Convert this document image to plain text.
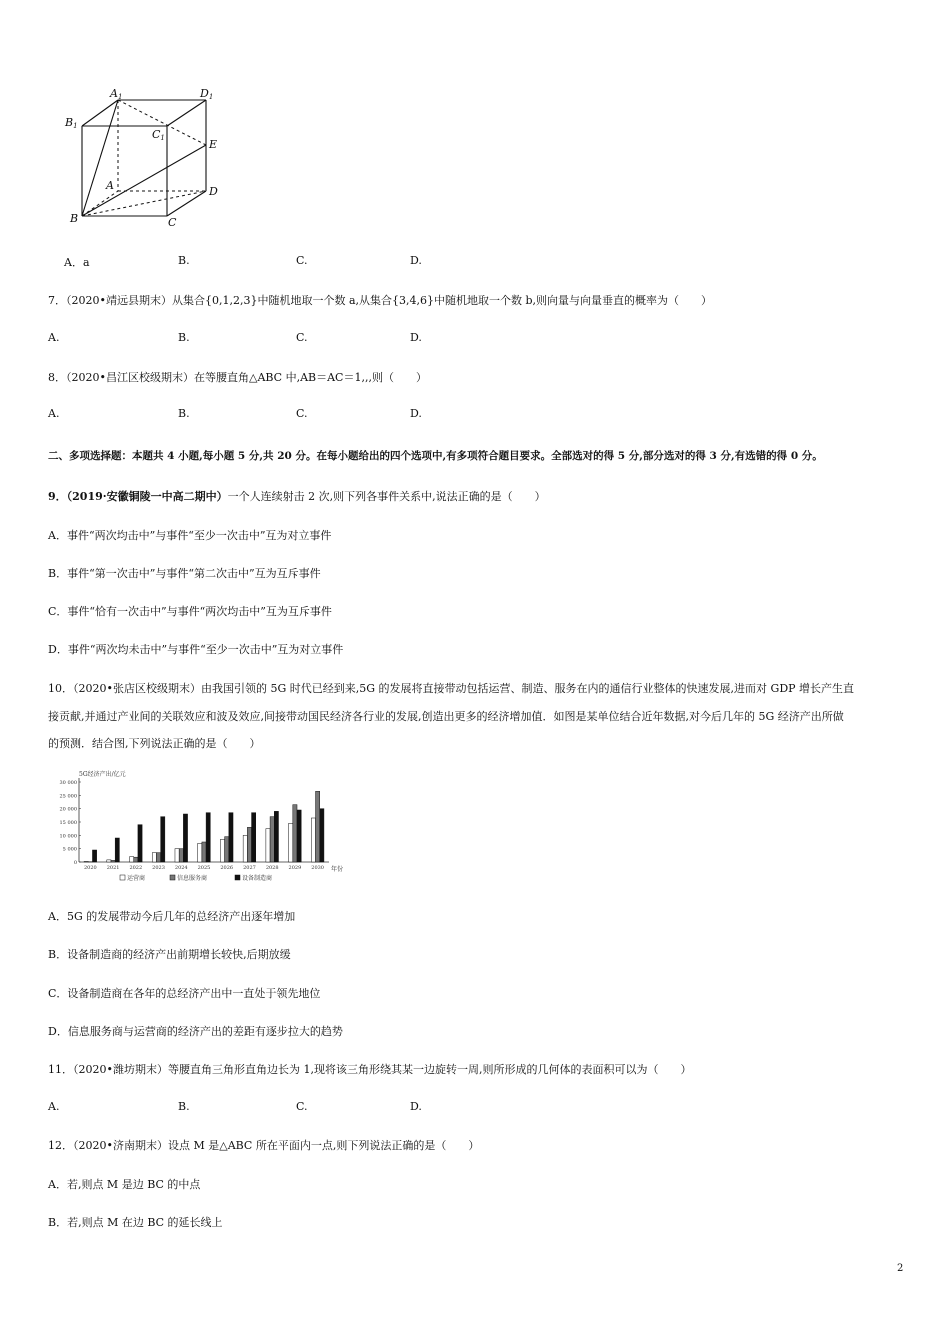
A1	D1
B1
C1	E
A	D
B	C
A．a	B.	C.	D.
7．（2020•靖远县期末）从集合{0,1,2,3}中随机地取一个数 a,从集合{3,4,6}中随机地取一个数 b,则向量与向量垂直的概率为（　　）
A.	B.	C.	D.
8．（2020•昌江区校级期末）在等腰直角△ABC 中,AB＝AC＝1,,,则（　　）
A.	B.	C.	D.
二、多项选择题：本题共 4 小题,每小题 5 分,共 20 分。在每小题给出的四个选项中,有多项符合题目要求。全部选对的得 5 分,部分选对的得 3 分,有选错的得 0 分。
9．（2019·安徽铜陵一中高二期中）一个人连续射击 2 次,则下列各事件关系中,说法正确的是（　　）
A．事件“两次均击中”与事件“至少一次击中”互为对立事件
B．事件“第一次击中”与事件“第二次击中”互为互斥事件
C．事件“恰有一次击中”与事件“两次均击中”互为互斥事件
D．事件“两次均未击中”与事件“至少一次击中”互为对立事件
10．（2020•张店区校级期末）由我国引领的 5G 时代已经到来,5G 的发展将直接带动包括运营、制造、服务在内的通信行业整体的快速发展,进而对 GDP 增长产生直
接贡献,并通过产业间的关联效应和波及效应,间接带动国民经济各行业的发展,创造出更多的经济增加值．如图是某单位结合近年数据,对今后几年的 5G 经济产出所做
的预测．结合图,下列说法正确的是（　　）
5G经济产出/亿元
30 000
25 000
20 000
15 000
10 000
5 000
0
2020 2021 2022 2023 2024 2025 2026 2027 2028 2029 2030 年份
运营商	信息服务商	设备制造商
A．5G 的发展带动今后几年的总经济产出逐年增加
B．设备制造商的经济产出前期增长较快,后期放缓
C．设备制造商在各年的总经济产出中一直处于领先地位
D．信息服务商与运营商的经济产出的差距有逐步拉大的趋势
11．（2020•潍坊期末）等腰直角三角形直角边长为 1,现将该三角形绕其某一边旋转一周,则所形成的几何体的表面积可以为（　　）
A.	B.	C.	D.
12．（2020•济南期末）设点 M 是△ABC 所在平面内一点,则下列说法正确的是（　　）
A．若,则点 M 是边 BC 的中点
B．若,则点 M 在边 BC 的延长线上
2
